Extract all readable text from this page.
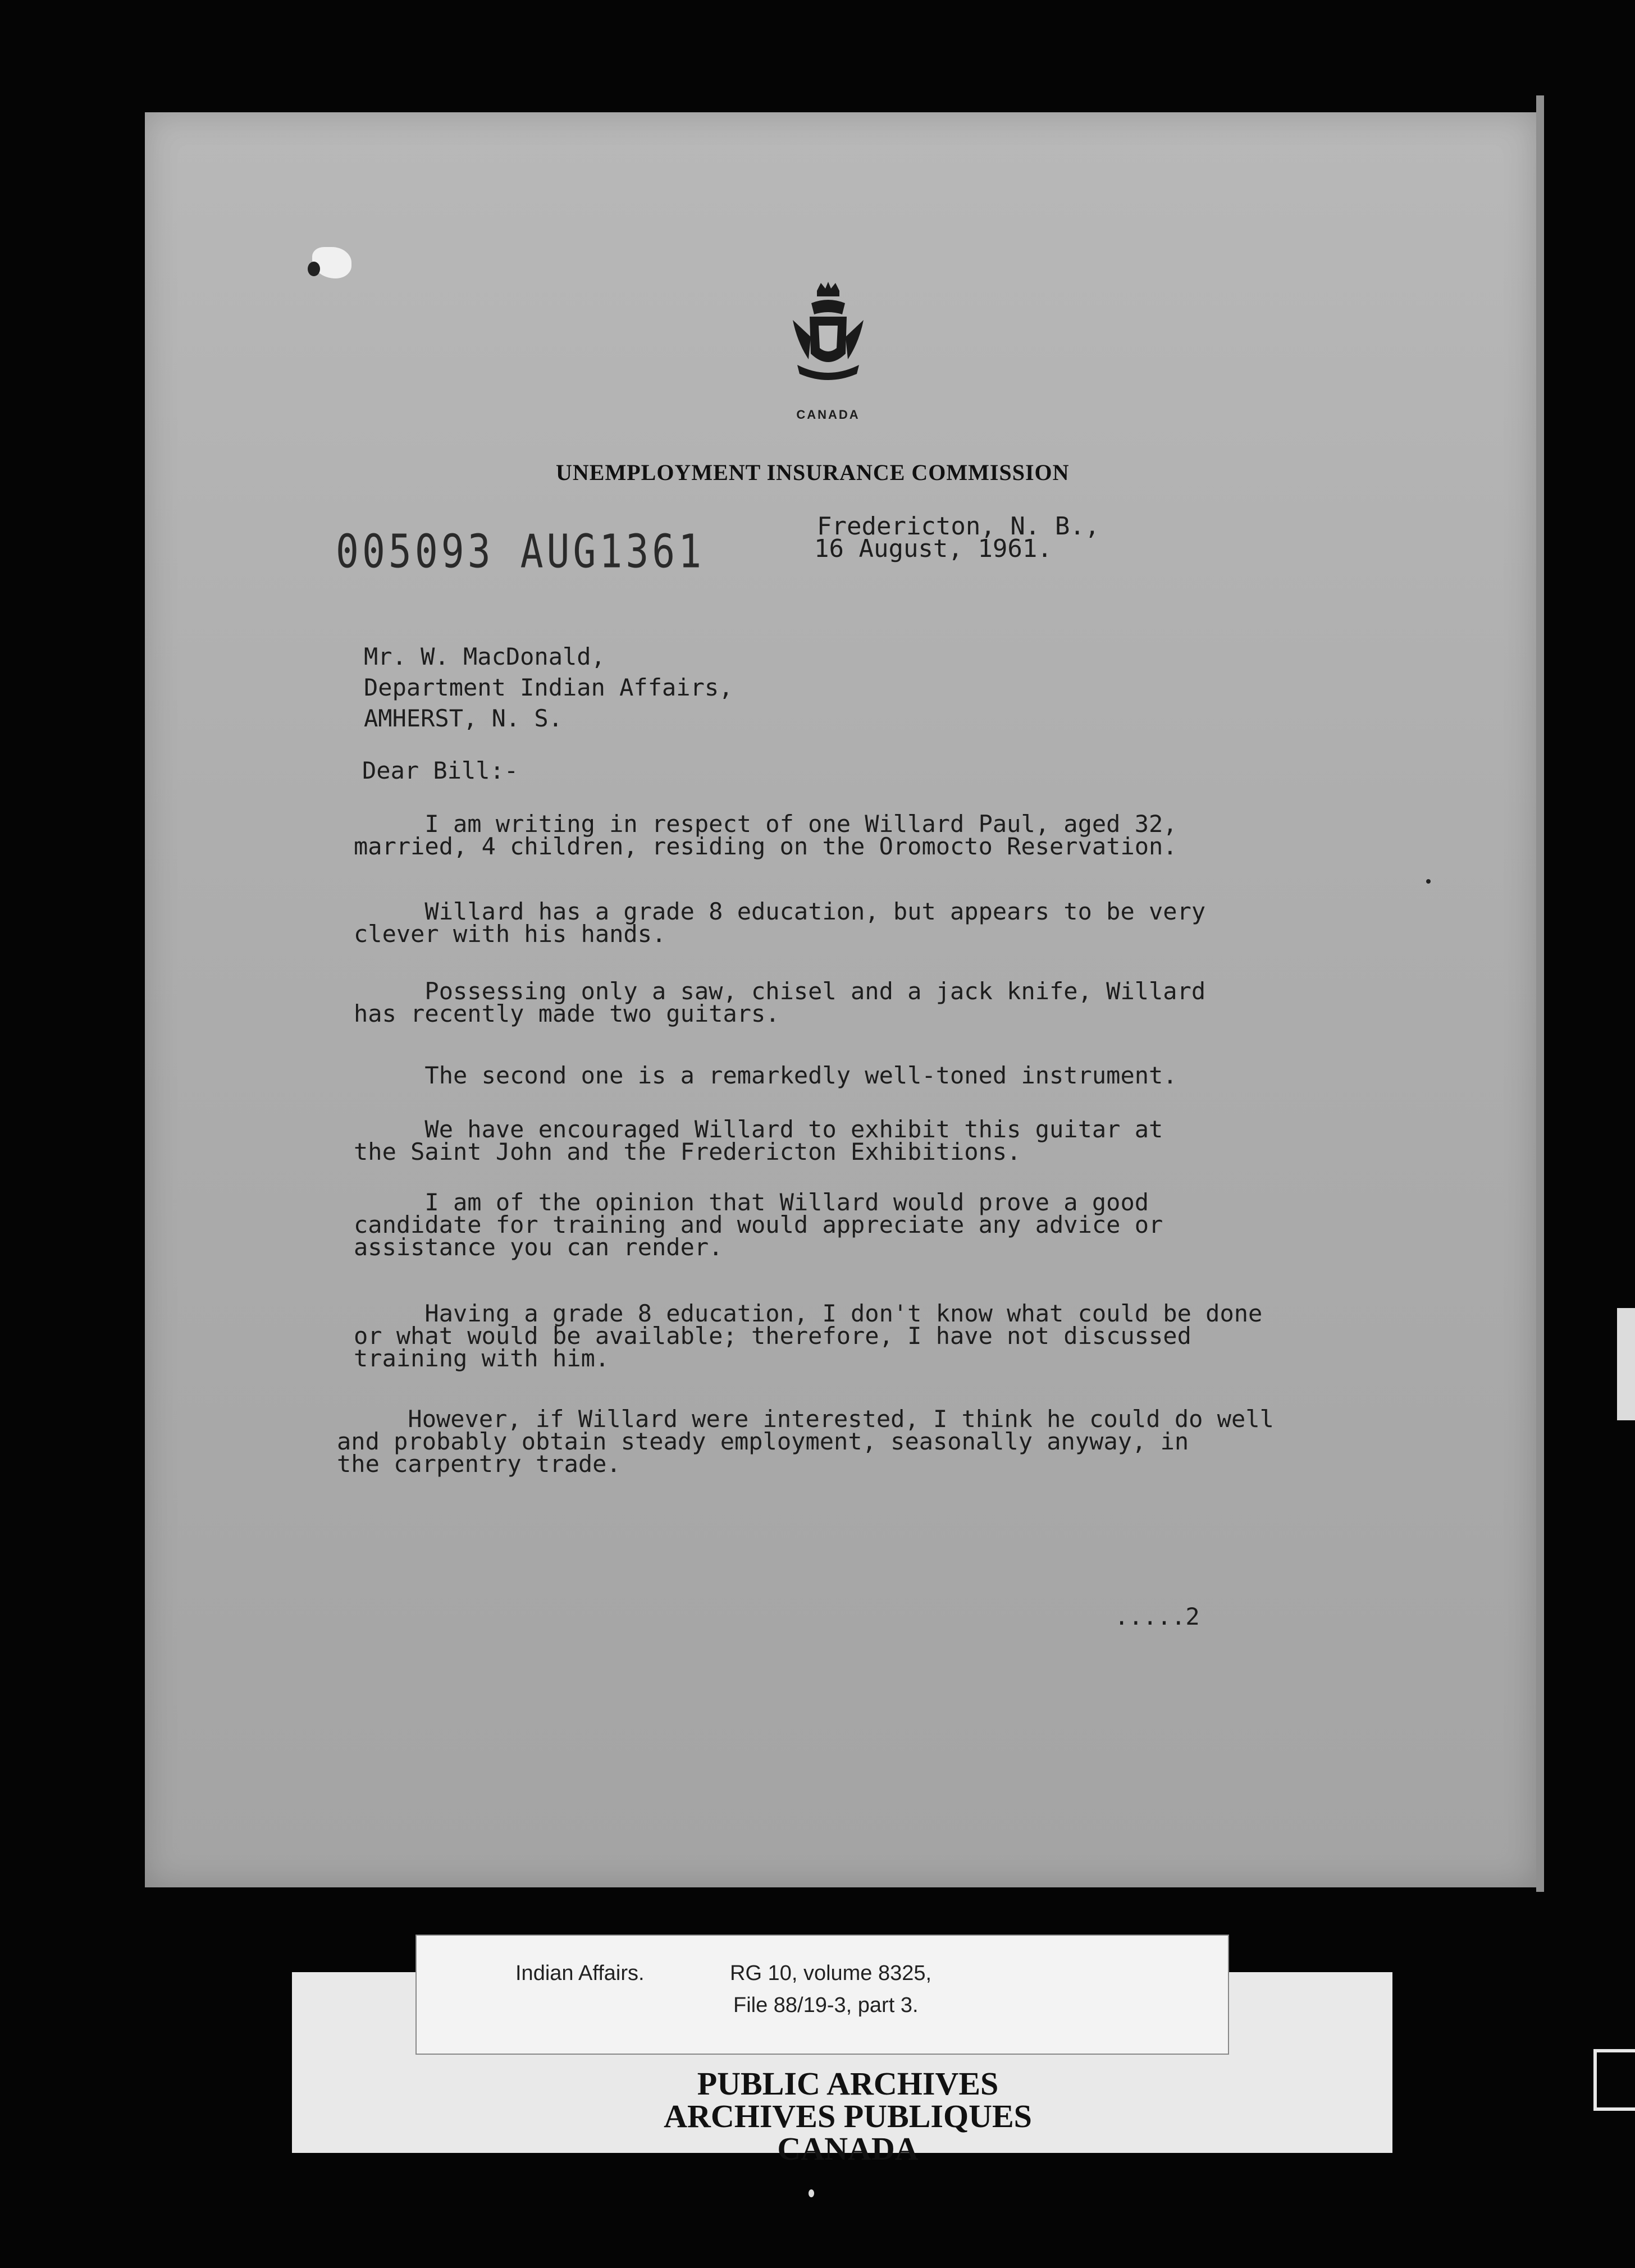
CANADA
UNEMPLOYMENT INSURANCE COMMISSION
005093 AUG1361	Fredericton, N. B.,
16 August, 1961.
Mr. W. MacDonald,
Department Indian Affairs,
AMHERST, N. S.
Dear Bill:-
I am writing in respect of one Willard Paul, aged 32,
married, 4 children, residing on the Oromocto Reservation.
Willard has a grade 8 education, but appears to be very
clever with his hands.
Possessing only a saw, chisel and a jack knife, Willard
has recently made two guitars.
The second one is a remarkedly well-toned instrument.
We have encouraged Willard to exhibit this guitar at
the Saint John and the Fredericton Exhibitions.
I am of the opinion that Willard would prove a good
candidate for training and would appreciate any advice or
assistance you can render.
Having a grade 8 education, I don't know what could be done
or what would be available; therefore, I have not discussed
training with him.
However, if Willard were interested, I think he could do well
and probably obtain steady employment, seasonally anyway, in
the carpentry trade.
.....2
Indian Affairs.	RG 10, volume 8325,
File 88/19-3, part 3.
PUBLIC ARCHIVES
ARCHIVES PUBLIQUES
CANADA
